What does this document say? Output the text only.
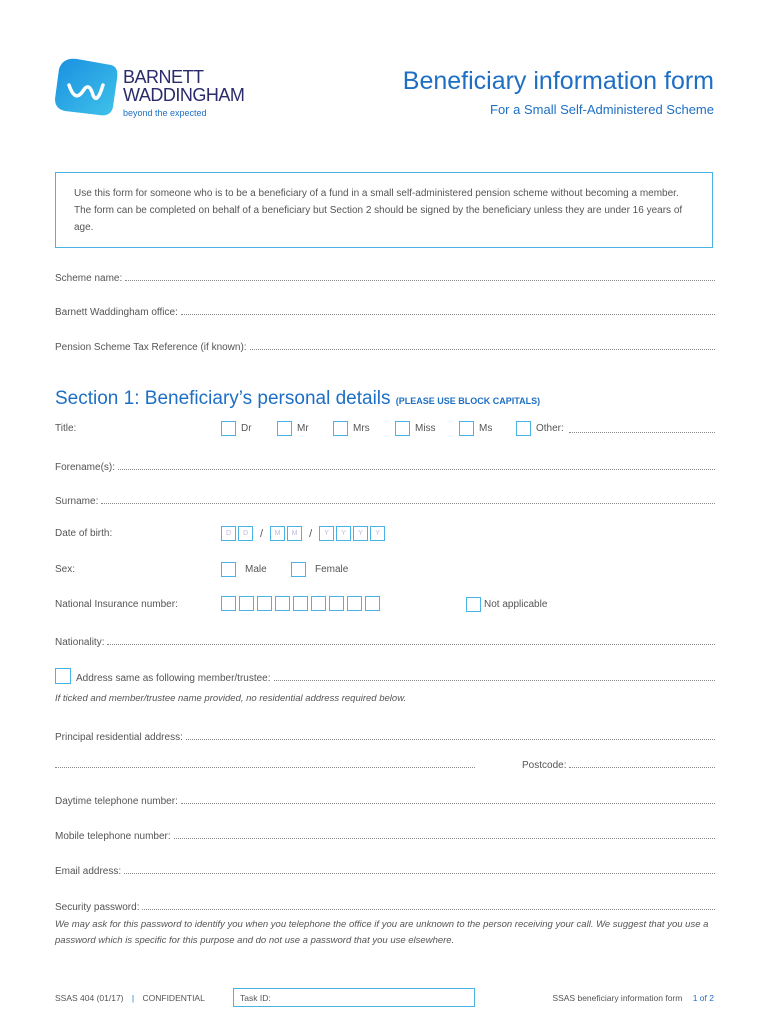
BARNETT
WADDINGHAM
beyond the expected
Beneficiary information form
For a Small Self-Administered Scheme
Use this form for someone who is to be a beneficiary of a fund in a small self-administered pension scheme without becoming a member. The form can be completed on behalf of a beneficiary but Section 2 should be signed by the beneficiary unless they are under 16 years of age.
Scheme name:
Barnett Waddingham office:
Pension Scheme Tax Reference (if known):
Section 1: Beneficiary’s personal details (PLEASE USE BLOCK CAPITALS)
Title:	Dr	Mr	Mrs	Miss	Ms	Other:
Forename(s):
Surname:
Date of birth:	D	D	/	M	M	/	Y	Y	Y	Y
Sex:	Male	Female
National Insurance number:	Not applicable
Nationality:
Address same as following member/trustee:
If ticked and member/trustee name provided, no residential address required below.
Principal residential address:
Postcode:
Daytime telephone number:
Mobile telephone number:
Email address:
Security password:
We may ask for this password to identify you when you telephone the office if you are unknown to the person receiving your call. We suggest that you use a password which is specific for this purpose and do not use a password that you use elsewhere.
SSAS 404 (01/17) | CONFIDENTIAL	Task ID:	SSAS beneficiary information form 1 of 2
